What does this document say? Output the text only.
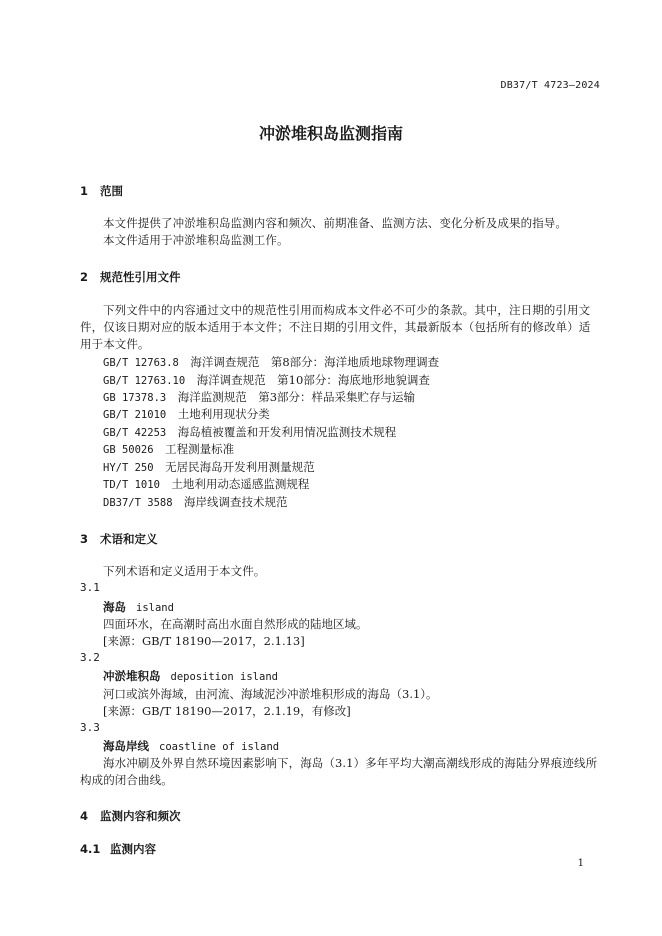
DB37/T 4723—2024
冲淤堆积岛监测指南
1 范围
本文件提供了冲淤堆积岛监测内容和频次、前期准备、监测方法、变化分析及成果的指导。
本文件适用于冲淤堆积岛监测工作。
2 规范性引用文件
下列文件中的内容通过文中的规范性引用而构成本文件必不可少的条款。其中，注日期的引用文件，仅该日期对应的版本适用于本文件；不注日期的引用文件，其最新版本（包括所有的修改单）适用于本文件。
GB/T 12763.8　 海洋调查规范　第8部分：海洋地质地球物理调查
GB/T 12763.10　 海洋调查规范　第10部分：海底地形地貌调查
GB 17378.3　 海洋监测规范　第3部分：样品采集贮存与运输
GB/T 21010　 土地利用现状分类
GB/T 42253　 海岛植被覆盖和开发利用情况监测技术规程
GB 50026　 工程测量标准
HY/T 250　 无居民海岛开发利用测量规范
TD/T 1010　 土地利用动态遥感监测规程
DB37/T 3588　 海岸线调查技术规范
3 术语和定义
下列术语和定义适用于本文件。
3.1
海岛 island
四面环水，在高潮时高出水面自然形成的陆地区域。
[来源：GB/T 18190—2017，2.1.13]
3.2
冲淤堆积岛 deposition island
河口或滨外海域，由河流、海域泥沙冲淤堆积形成的海岛（3.1）。
[来源：GB/T 18190—2017，2.1.19，有修改]
3.3
海岛岸线 coastline of island
海水冲刷及外界自然环境因素影响下，海岛（3.1）多年平均大潮高潮线形成的海陆分界痕迹线所构成的闭合曲线。
4 监测内容和频次
4.1 监测内容
1
